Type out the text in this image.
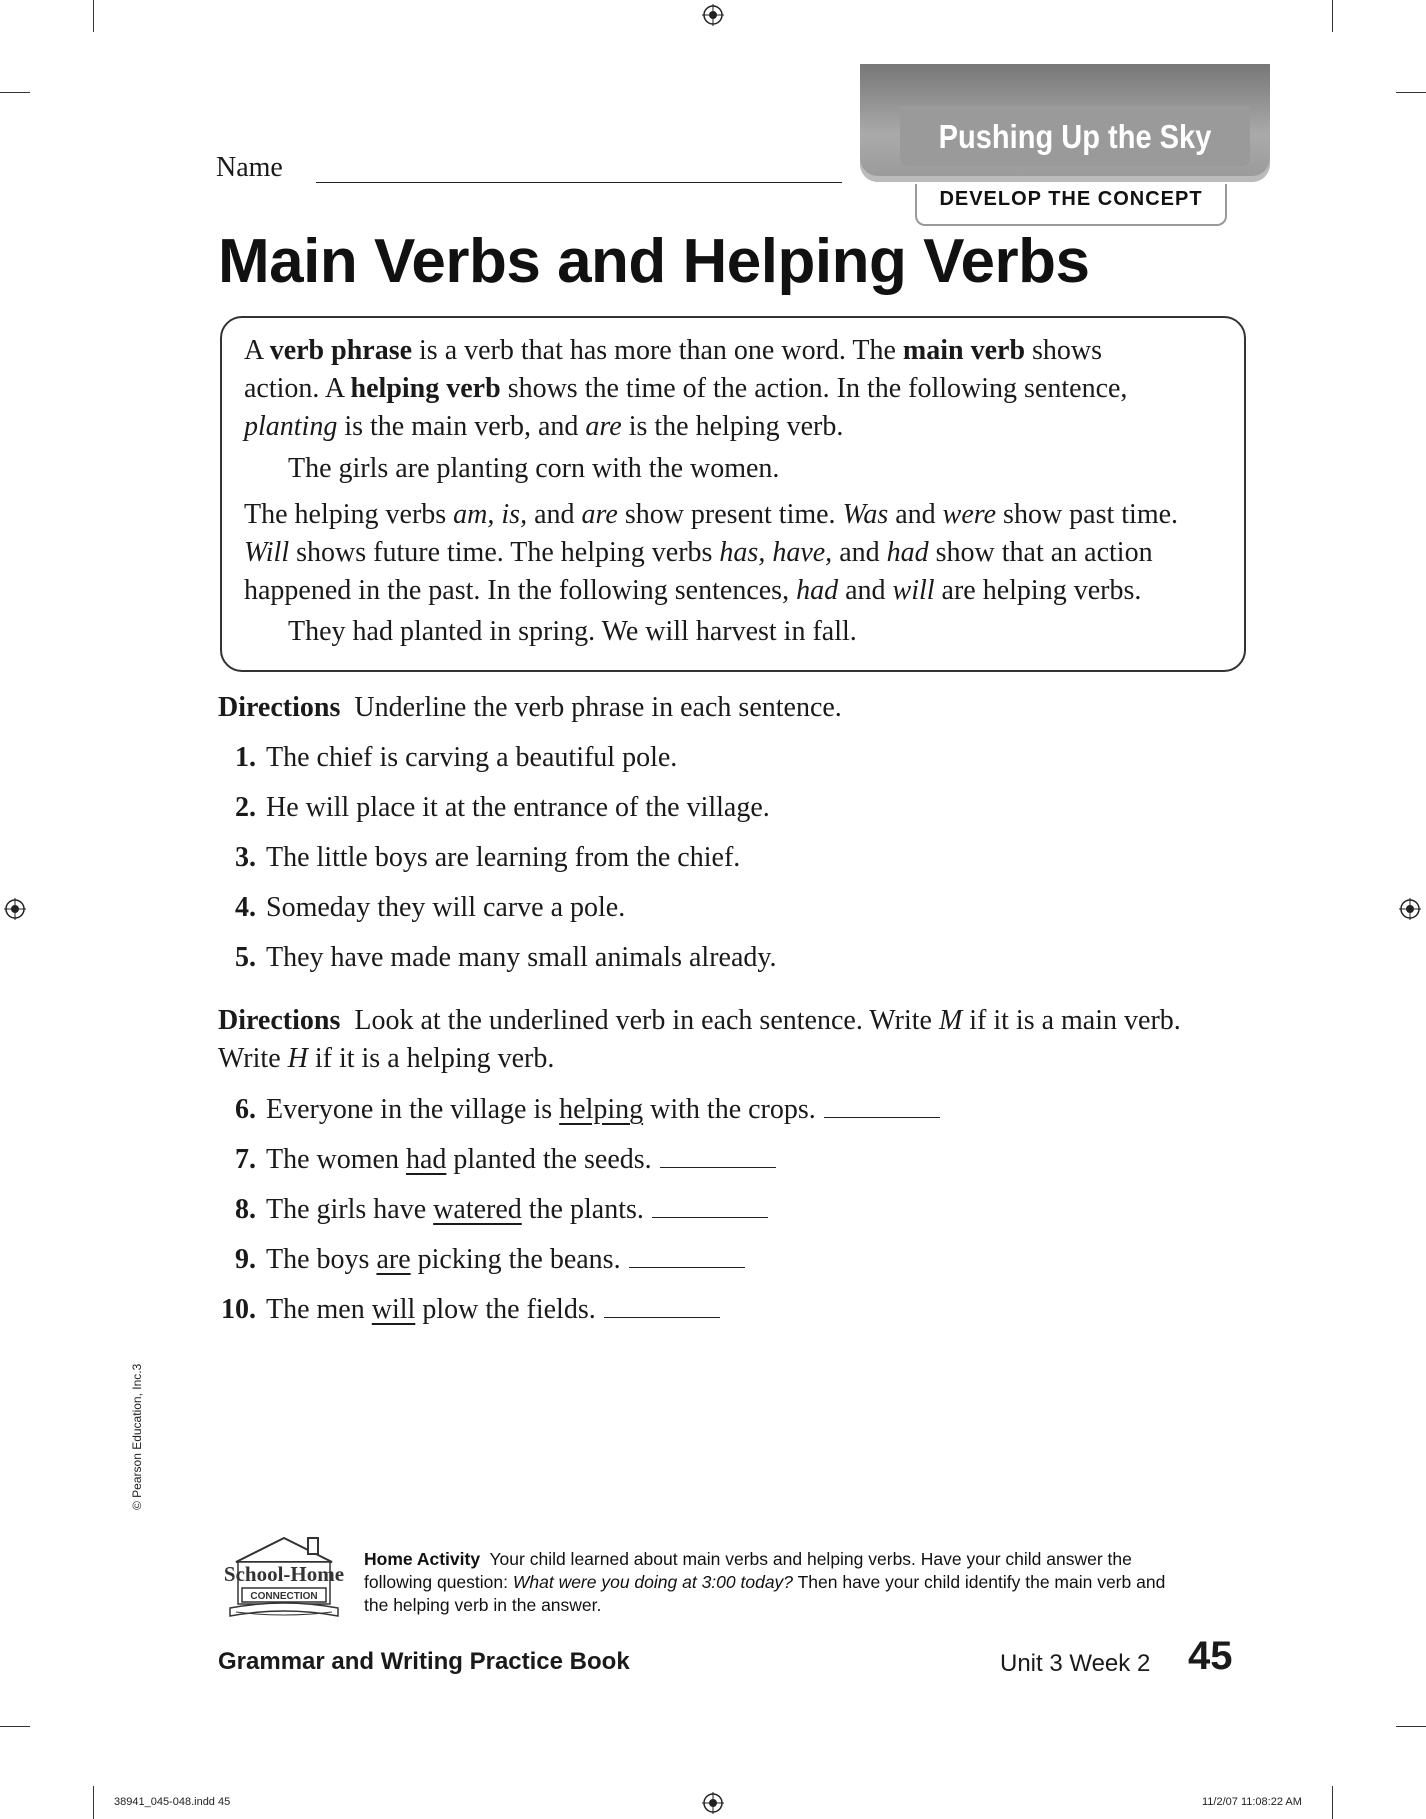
Name
Pushing Up the Sky
DEVELOP THE CONCEPT
Main Verbs and Helping Verbs
A verb phrase is a verb that has more than one word. The main verb shows
action. A helping verb shows the time of the action. In the following sentence,
planting is the main verb, and are is the helping verb.
The girls are planting corn with the women.
The helping verbs am, is, and are show present time. Was and were show past time.
Will shows future time. The helping verbs has, have, and had show that an action
happened in the past. In the following sentences, had and will are helping verbs.
They had planted in spring. We will harvest in fall.
Directions Underline the verb phrase in each sentence.
1. The chief is carving a beautiful pole.
2. He will place it at the entrance of the village.
3. The little boys are learning from the chief.
4. Someday they will carve a pole.
5. They have made many small animals already.
Directions Look at the underlined verb in each sentence. Write M if it is a main verb.
Write H if it is a helping verb.
6. Everyone in the village is helping with the crops.
7. The women had planted the seeds.
8. The girls have watered the plants.
9. The boys are picking the beans.
10. The men will plow the fields.
© Pearson Education, Inc.3
School-Home
CONNECTION
Home Activity Your child learned about main verbs and helping verbs. Have your child answer the
following question: What were you doing at 3:00 today? Then have your child identify the main verb and
the helping verb in the answer.
Grammar and Writing Practice Book	Unit 3 Week 2 45
38941_045-048.indd 45	11/2/07 11:08:22 AM
